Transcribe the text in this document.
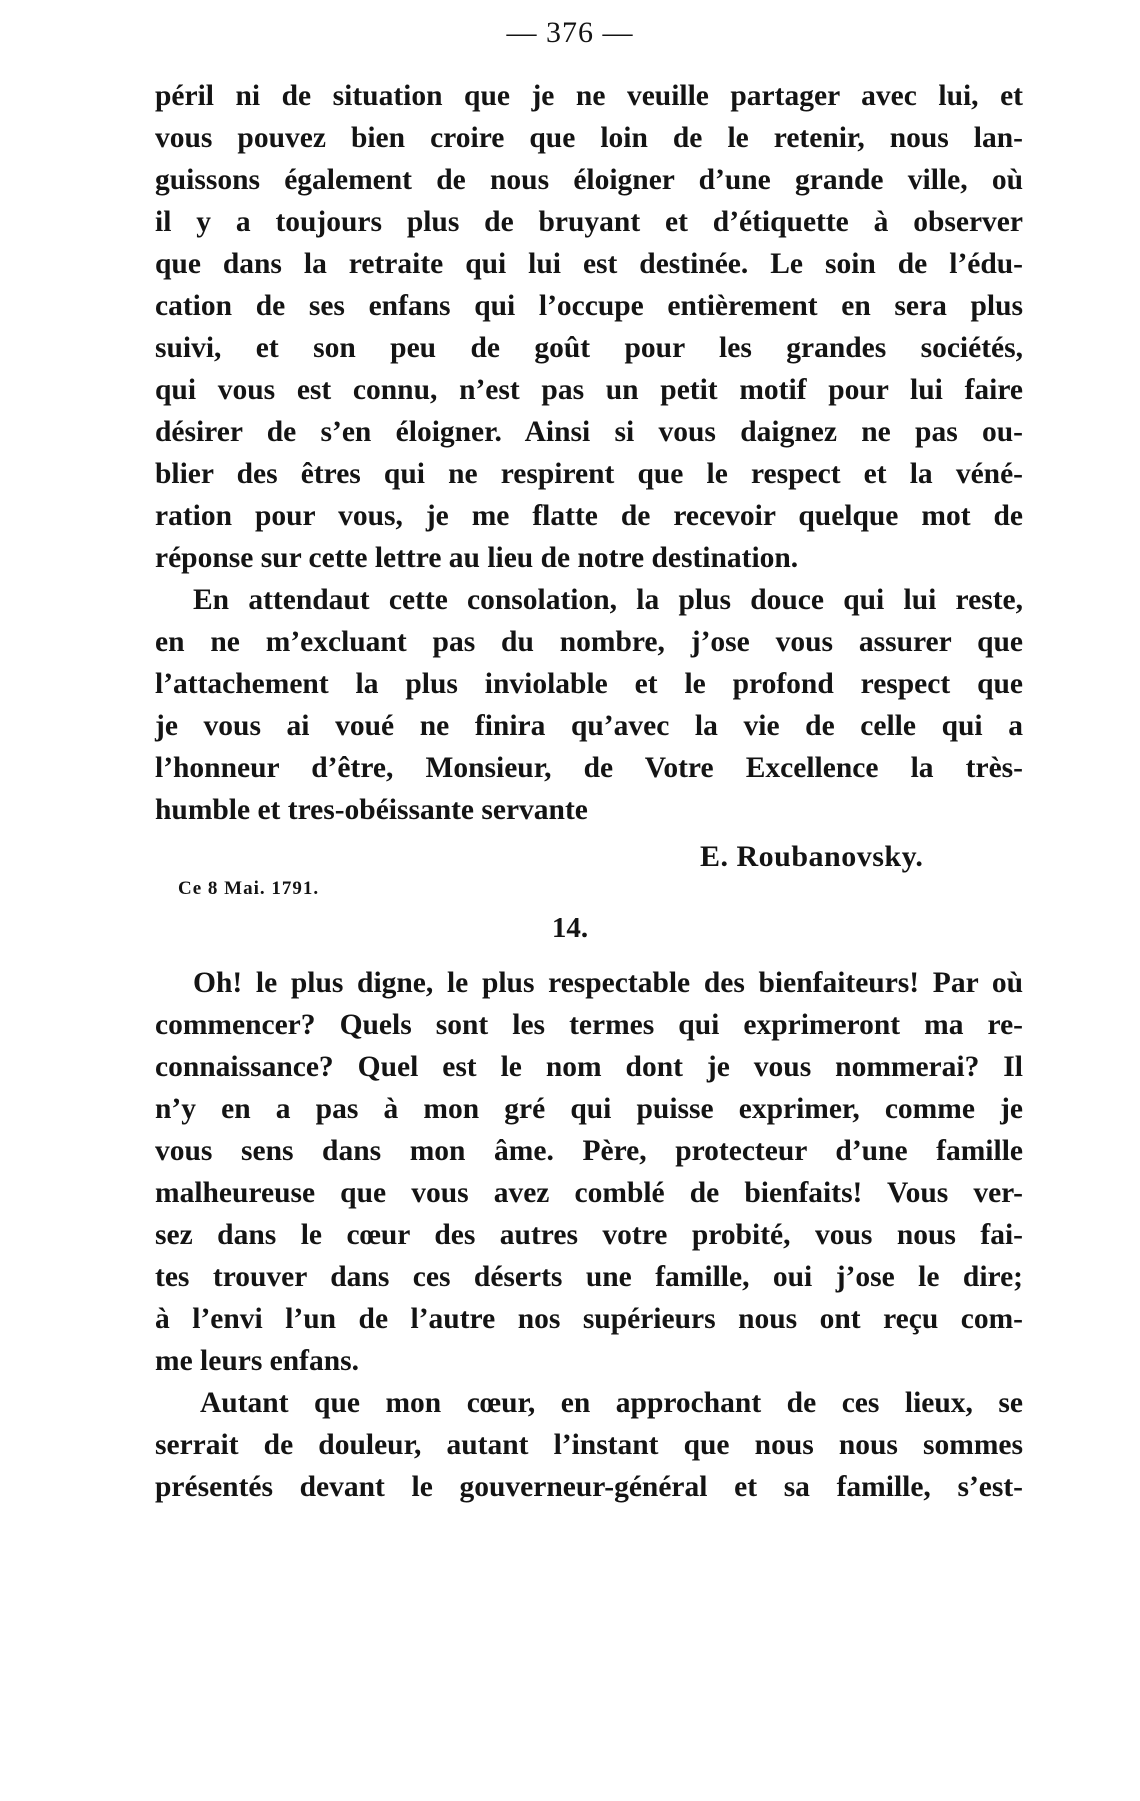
— 376 —
péril ni de situation que je ne veuille partager avec lui, et
vous pouvez bien croire que loin de le retenir, nous lan-
guissons également de nous éloigner d’une grande ville, où
il y a toujours plus de bruyant et d’étiquette à observer
que dans la retraite qui lui est destinée. Le soin de l’édu-
cation de ses enfans qui l’occupe entièrement en sera plus
suivi, et son peu de goût pour les grandes sociétés,
qui vous est connu, n’est pas un petit motif pour lui faire
désirer de s’en éloigner. Ainsi si vous daignez ne pas ou-
blier des êtres qui ne respirent que le respect et la véné-
ration pour vous, je me flatte de recevoir quelque mot de
réponse sur cette lettre au lieu de notre destination.
En attendaut cette consolation, la plus douce qui lui reste,
en ne m’excluant pas du nombre, j’ose vous assurer que
l’attachement la plus inviolable et le profond respect que
je vous ai voué ne finira qu’avec la vie de celle qui a
l’honneur d’être, Monsieur, de Votre Excellence la très-
humble et tres-obéissante servante
E. Roubanovsky.
Ce 8 Mai. 1791.
14.
Oh! le plus digne, le plus respectable des bienfaiteurs! Par où
commencer? Quels sont les termes qui exprimeront ma re-
connaissance? Quel est le nom dont je vous nommerai? Il
n’y en a pas à mon gré qui puisse exprimer, comme je
vous sens dans mon âme. Père, protecteur d’une famille
malheureuse que vous avez comblé de bienfaits! Vous ver-
sez dans le cœur des autres votre probité, vous nous fai-
tes trouver dans ces déserts une famille, oui j’ose le dire;
à l’envi l’un de l’autre nos supérieurs nous ont reçu com-
me leurs enfans.
Autant que mon cœur, en approchant de ces lieux, se
serrait de douleur, autant l’instant que nous nous sommes
présentés devant le gouverneur-général et sa famille, s’est-
